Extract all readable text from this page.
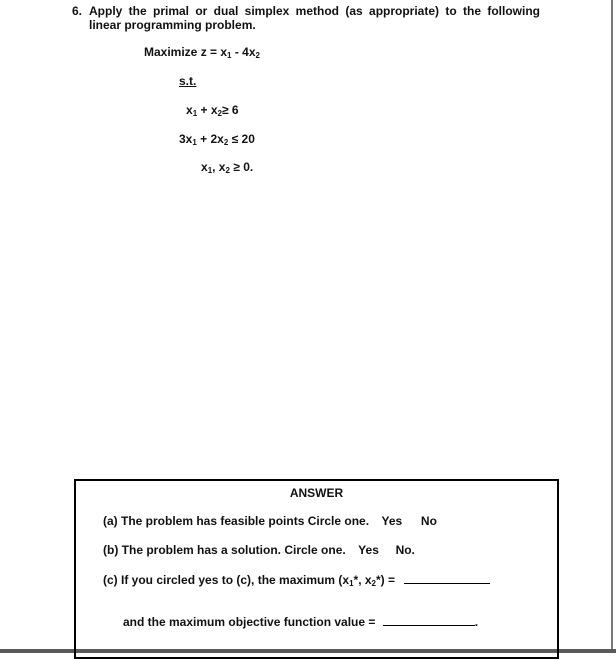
6. Apply the primal or dual simplex method (as appropriate) to the following linear programming problem.
Maximize $z = x_1 - 4x_2$
s.t.
$x_1 + x_2\ge 6$
$3x_1 + 2x_2 \le 20$
$x_1$, $x_2 \ge 0$.
ANSWER
(a) The problem has feasible points Circle one. Yes No
(b) The problem has a solution. Circle one. Yes No.
(c) If you circled yes to (c), the maximum ($x_1*$, $x_2*$) =
and the maximum objective function value =	.
